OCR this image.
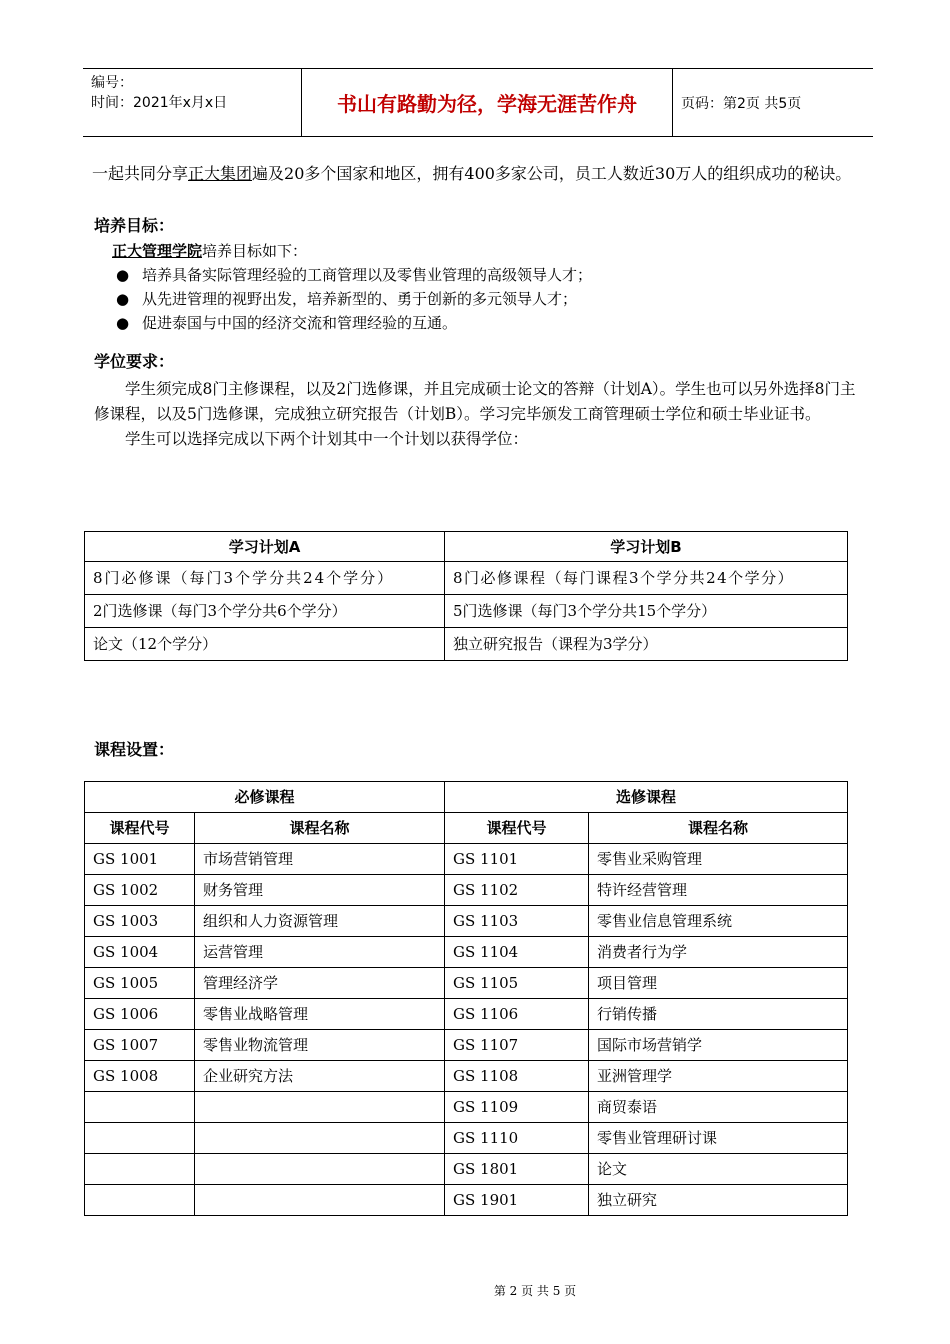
编号：
时间：2021年x月x日	书山有路勤为径，学海无涯苦作舟	页码：第2页 共5页

一起共同分享正大集团遍及20多个国家和地区，拥有400多家公司，员工人数近30万人的组织成功的秘诀。

培养目标：

正大管理学院培养目标如下：

● 培养具备实际管理经验的工商管理以及零售业管理的高级领导人才；
● 从先进管理的视野出发，培养新型的、勇于创新的多元领导人才；
● 促进泰国与中国的经济交流和管理经验的互通。

学位要求：

学生须完成8门主修课程，以及2门选修课，并且完成硕士论文的答辩（计划A）。学生也可以另外选择8门主修课程，以及5门选修课，完成独立研究报告（计划B）。学习完毕颁发工商管理硕士学位和硕士毕业证书。

学生可以选择完成以下两个计划其中一个计划以获得学位：

学习计划A	学习计划B
8门必修课（每门3个学分共24个学分）	8门必修课程（每门课程3个学分共24个学分）
2门选修课（每门3个学分共6个学分）	5门选修课（每门3个学分共15个学分）
论文（12个学分）	独立研究报告（课程为3学分）

课程设置：

必修课程		选修课程	
课程代号	课程名称	课程代号	课程名称
GS 1001	市场营销管理	GS 1101	零售业采购管理
GS 1002	财务管理	GS 1102	特许经营管理
GS 1003	组织和人力资源管理	GS 1103	零售业信息管理系统
GS 1004	运营管理	GS 1104	消费者行为学
GS 1005	管理经济学	GS 1105	项目管理
GS 1006	零售业战略管理	GS 1106	行销传播
GS 1007	零售业物流管理	GS 1107	国际市场营销学
GS 1008	企业研究方法	GS 1108	亚洲管理学
		GS 1109	商贸泰语
		GS 1110	零售业管理研讨课
		GS 1801	论文
		GS 1901	独立研究
第 2 页 共 5 页
